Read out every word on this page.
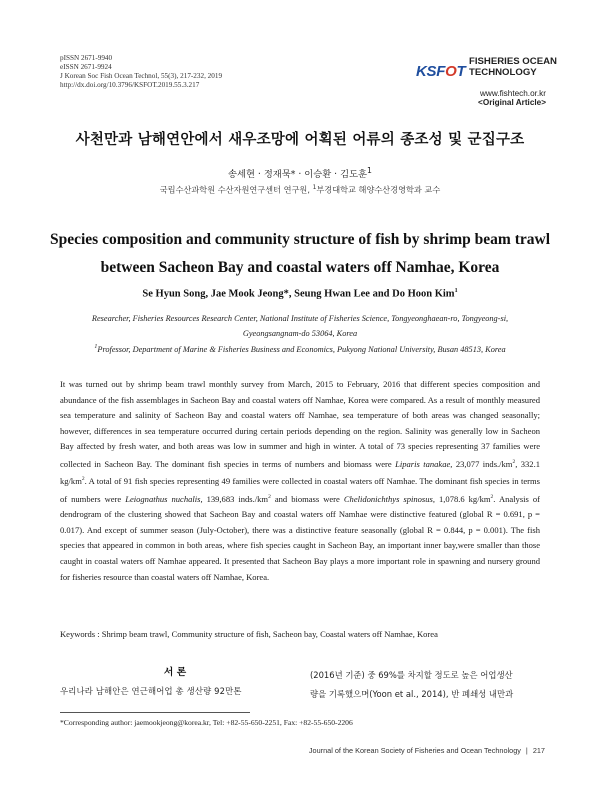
pISSN 2671-9940
eISSN 2671-9924
J Korean Soc Fish Ocean Technol, 55(3), 217-232, 2019
http://dx.doi.org/10.3796/KSFOT.2019.55.3.217
KSFOT
FISHERIES OCEAN
TECHNOLOGY
www.fishtech.or.kr
<Original Article>
사천만과 남해연안에서 새우조망에 어획된 어류의 종조성 및 군집구조
송세현 · 정재묵* · 이승환 · 김도훈$^1$
국립수산과학원 수산자원연구센터 연구원, $^1$부경대학교 해양수산경영학과 교수
Species composition and community structure of fish by shrimp beam trawl
between Sacheon Bay and coastal waters off Namhae, Korea
Se Hyun Song, Jae Mook Jeong*, Seung Hwan Lee and Do Hoon Kim$^1$
Researcher, Fisheries Resources Research Center, National Institute of Fisheries Science, Tongyeonghaean-ro, Tongyeong-si,
Gyeongsangnam-do 53064, Korea
$^1$Professor, Department of Marine & Fisheries Business and Economics, Pukyong National University, Busan 48513, Korea
It was turned out by shrimp beam trawl monthly survey from March, 2015 to February, 2016 that different species composition and abundance of the fish assemblages in Sacheon Bay and coastal waters off Namhae, Korea were compared. As a result of monthly measured sea temperature and salinity of Sacheon Bay and coastal waters off Namhae, sea temperature of both areas was changed seasonally; however, differences in sea temperature occurred during certain periods depending on the region. Salinity was generally low in Sacheon Bay affected by fresh water, and both areas was low in summer and high in winter. A total of 73 species representing 37 families were collected in Sacheon Bay. The dominant fish species in terms of numbers and biomass were Liparis tanakae, 23,077 $inds./km^2$, 332.1 $kg/km^2$. A total of 91 fish species representing 49 families were collected in coastal waters off Namhae. The dominant fish species in terms of numbers were Leiognathus nuchalis, 139,683 $inds./km^2$ and biomass were Chelidonichthys spinosus, 1,078.6 $kg/km^2$. Analysis of dendrogram of the clustering showed that Sacheon Bay and coastal waters off Namhae were distinctive featured (global R = 0.691, p = 0.017). And except of summer season (July-October), there was a distinctive feature seasonally (global R = 0.844, p = 0.001). The fish species that appeared in common in both areas, where fish species caught in Sacheon Bay, an important inner bay,were smaller than those caught in coastal waters off Namhae appeared. It presented that Sacheon Bay plays a more important role in spawning and nursery ground for fisheries resource than coastal waters off Namhae, Korea.
Keywords : Shrimp beam trawl, Community structure of fish, Sacheon bay, Coastal waters off Namhae, Korea
서 론
우리나라 남해안은 연근해어업 총 생산량 92만톤
(2016년 기준) 중 69%를 차지할 정도로 높은 어업생산
량을 기록했으며(Yoon et al., 2014), 반 폐쇄성 내만과
*Corresponding author: jaemookjeong@korea.kr, Tel: +82-55-650-2251, Fax: +82-55-650-2206
Journal of the Korean Society of Fisheries and Ocean Technology | 217
